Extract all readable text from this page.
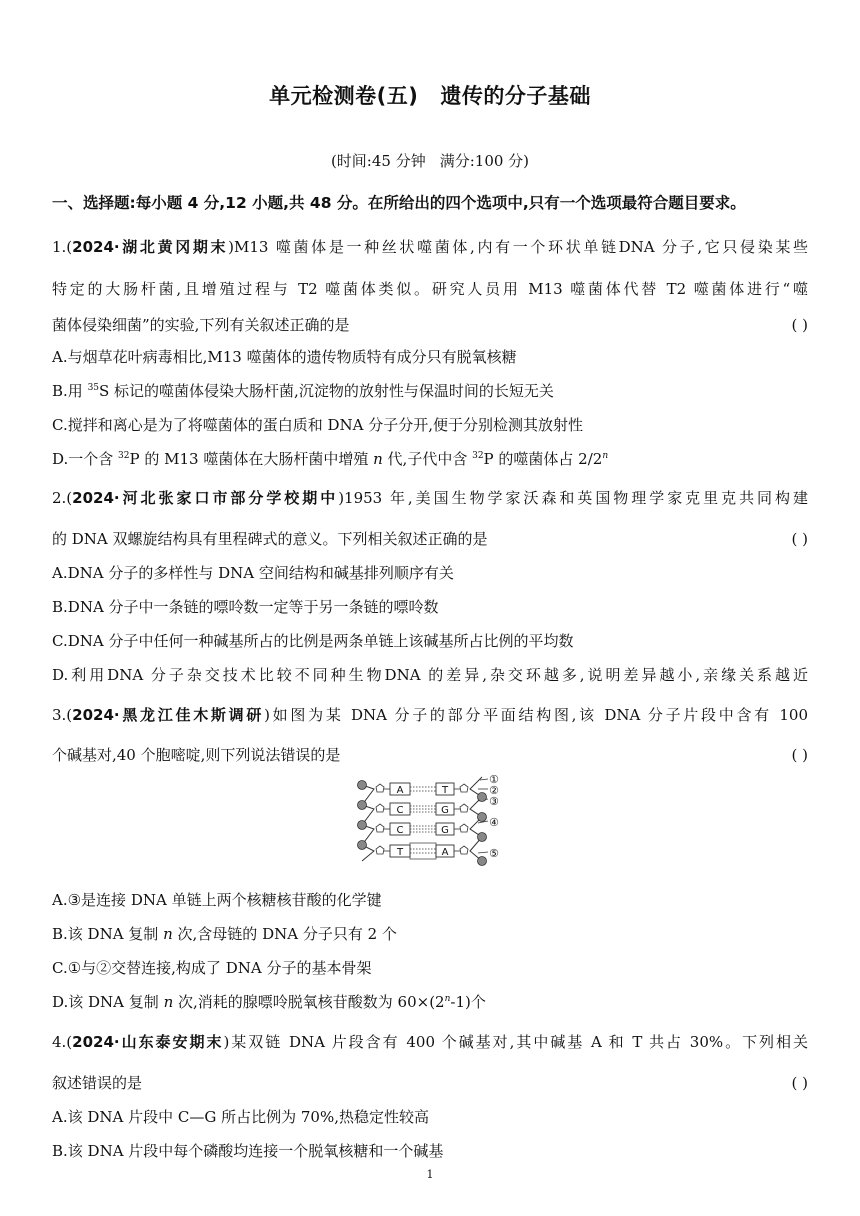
单元检测卷(五) 遗传的分子基础
(时间:45 分钟 满分:100 分)
一、选择题:每小题 4 分,12 小题,共 48 分。在所给出的四个选项中,只有一个选项最符合题目要求。
1.(2024·湖北黄冈期末)M13 噬菌体是一种丝状噬菌体,内有一个环状单链DNA 分子,它只侵染某些
特定的大肠杆菌,且增殖过程与 T2 噬菌体类似。研究人员用 M13 噬菌体代替 T2 噬菌体进行“噬
菌体侵染细菌”的实验,下列有关叙述正确的是	( )
A.与烟草花叶病毒相比,M13 噬菌体的遗传物质特有成分只有脱氧核糖
B.用 $^{35}$S 标记的噬菌体侵染大肠杆菌,沉淀物的放射性与保温时间的长短无关
C.搅拌和离心是为了将噬菌体的蛋白质和 DNA 分子分开,便于分别检测其放射性
D.一个含 $^{32}$P 的 M13 噬菌体在大肠杆菌中增殖 n 代,子代中含 $^{32}$P 的噬菌体占 2/2$^n$
2.(2024·河北张家口市部分学校期中)1953 年,美国生物学家沃森和英国物理学家克里克共同构建
的 DNA 双螺旋结构具有里程碑式的意义。下列相关叙述正确的是	( )
A.DNA 分子的多样性与 DNA 空间结构和碱基排列顺序有关
B.DNA 分子中一条链的嘌呤数一定等于另一条链的嘌呤数
C.DNA 分子中任何一种碱基所占的比例是两条单链上该碱基所占比例的平均数
D.利用DNA 分子杂交技术比较不同种生物DNA 的差异,杂交环越多,说明差异越小,亲缘关系越近
3.(2024·黑龙江佳木斯调研)如图为某 DNA 分子的部分平面结构图,该 DNA 分子片段中含有 100
个碱基对,40 个胞嘧啶,则下列说法错误的是	( )
A	T
C	G
C	G
T	A
①
②
③
④
⑤
A.③是连接 DNA 单链上两个核糖核苷酸的化学键
B.该 DNA 复制 n 次,含母链的 DNA 分子只有 2 个
C.①与②交替连接,构成了 DNA 分子的基本骨架
D.该 DNA 复制 n 次,消耗的腺嘌呤脱氧核苷酸数为 $60\times(2^n-1)$个
4.(2024·山东泰安期末)某双链 DNA 片段含有 400 个碱基对,其中碱基 A 和 T 共占 30%。下列相关
叙述错误的是	( )
A.该 DNA 片段中 C—G 所占比例为 70%,热稳定性较高
B.该 DNA 片段中每个磷酸均连接一个脱氧核糖和一个碱基
1
